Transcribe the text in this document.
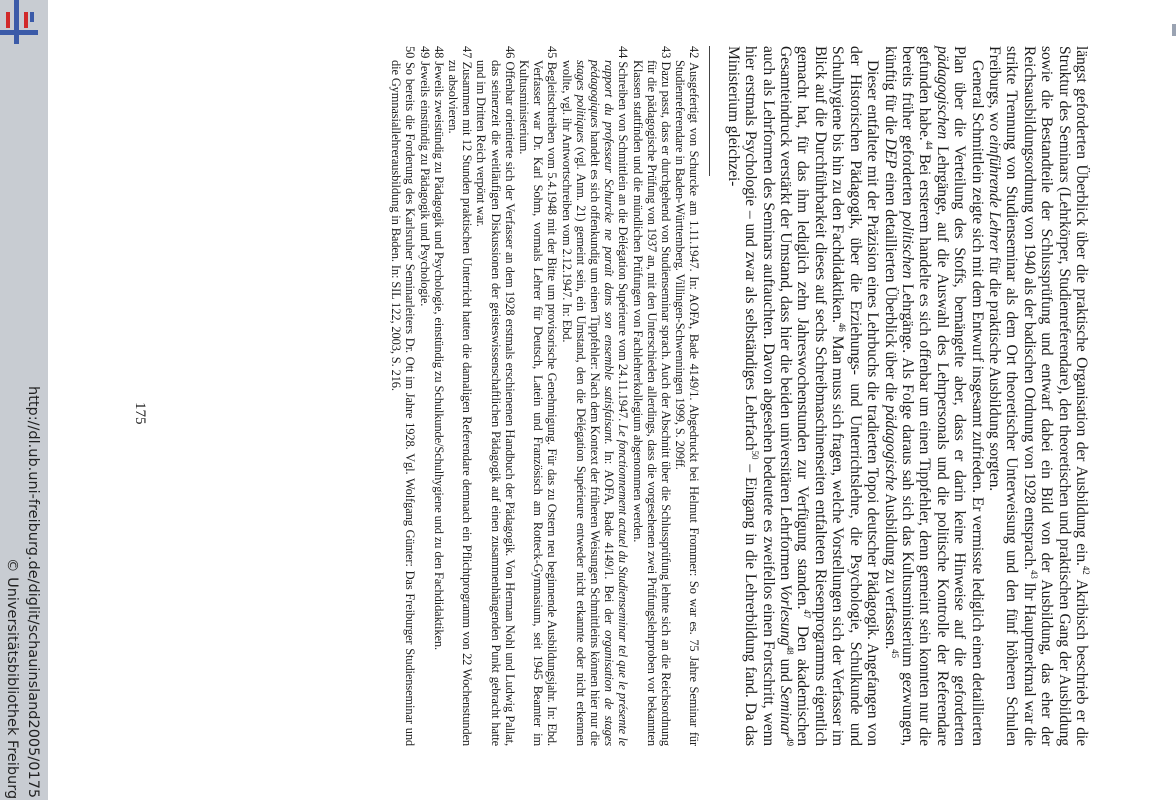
längst geforderten Überblick über die praktische Organisation der Ausbildung ein.$^{42}$ Akribisch beschrieb er die Struktur des Seminars (Lehrkörper, Studienreferendare), den theoretischen und praktischen Gang der Ausbildung sowie die Bestandteile der Schlussprüfung und entwarf dabei ein Bild von der Ausbildung, das eher der Reichsausbildungsordnung von 1940 als der badischen Ordnung von 1928 entsprach.$^{43}$ Ihr Hauptmerkmal war die strikte Trennung von Studienseminar als dem Ort theoretischer Unterweisung und den fünf höheren Schulen Freiburgs, wo einführende Lehrer für die praktische Ausbildung sorgten.

General Schmittlein zeigte sich mit dem Entwurf insgesamt zufrieden. Er vermisste lediglich einen detaillierten Plan über die Verteilung des Stoffs, bemängelte aber, dass er darin keine Hinweise auf die geforderten pädagogischen Lehrgänge, auf die Auswahl des Lehrpersonals und die politische Kontrolle der Referendare gefunden habe.$^{44}$ Bei ersterem handelte es sich offenbar um einen Tippfehler, denn gemeint sein konnten nur die bereits früher geforderten politischen Lehrgänge. Als Folge daraus sah sich das Kultusministerium gezwungen, künftig für die DEP einen detaillierten Überblick über die pädagogische Ausbildung zu verfassen.$^{45}$

Dieser entfaltete mit der Präzision eines Lehrbuchs die tradierten Topoi deutscher Pädagogik. Angefangen von der Historischen Pädagogik, über die Erziehungs- und Unterrichtslehre, die Psychologie, Schulkunde und Schulhygiene bis hin zu den Fachdidaktiken.$^{46}$ Man muss sich fragen, welche Vorstellungen sich der Verfasser im Blick auf die Durchführbarkeit dieses auf sechs Schreibmaschinenseiten entfalteten Riesenprogramms eigentlich gemacht hat, für das ihm lediglich zehn Jahreswochenstunden zur Verfügung standen.$^{47}$ Den akademischen Gesamteindruck verstärkt der Umstand, dass hier die beiden universitären Lehrformen Vorlesung$^{48}$ und Seminar$^{49}$ auch als Lehrformen des Seminars auftauchten. Davon abgesehen bedeutete es zweifellos einen Fortschritt, wenn hier erstmals Psychologie – und zwar als selbständiges Lehrfach$^{50}$ – Eingang in die Lehrerbildung fand. Da das Ministerium gleichzei-

42 Ausgefertigt von Schurcke am 1.11.1947. In: AOFA, Bade 4149/1. Abgedruckt bei Helmut Frommer: So war es. 75 Jahre Seminar für Studienreferendare in Baden-Württemberg. Villingen-Schwenningen 1999, S. 209ff.

43 Dazu passt, dass er durchgehend von Studienseminar sprach. Auch der Abschnitt über die Schlussprüfung lehnte sich an die Reichsordnung für die pädagogische Prüfung von 1937 an, mit den Unterschieden allerdings, dass die vorgesehenen zwei Prüfungslehrproben vor bekannten Klassen stattfinden und die mündlichen Prüfungen von Fachlehrerkollegium abgenommen werden.

44 Schreiben von Schmittlein an die Délégation Supérieure vom 24.11.1947. Le fonctionnement actuel du Studienseminar tel que le présente le rapport du professeur Schurcke ne paraît dans son ensemble satisfaisant. In: AOFA, Bade 4149/1. Bei der organisation de stages pédagogiques handelt es sich offenkundig um einen Tippfehler: Nach dem Kontext der früheren Weisungen Schmittleins können hier nur die stages politiques (vgl. Anm. 21) gemeint sein, ein Umstand, den die Délégation Supérieure entweder nicht erkannte oder nicht erkennen wollte, vgl. ihr Antwortschreiben vom 2.12.1947. In: Ebd.

45 Begleitschreiben vom 5.4.1948 mit der Bitte um provisorische Genehmigung. Für das zu Ostern neu beginnende Ausbildungsjahr. In: Ebd. Verfasser war Dr. Karl Sohm, vormals Lehrer für Deutsch, Latein und Französisch am Rotteck-Gymnasium, seit 1945 Beamter im Kultusministerium.

46 Offenbar orientierte sich der Verfasser an dem 1928 erstmals erschienenen Handbuch der Pädagogik. Von Herman Nohl und Ludwig Pallat, das seinerzeit die weitläufigen Diskussionen der geisteswissenschaftlichen Pädagogik auf einen zusammenhängenden Punkt gebracht hatte und im Dritten Reich verpönt war.

47 Zusammen mit 12 Stunden praktischen Unterricht hatten die damaligen Referendare demnach ein Pflichtprogramm von 22 Wochenstunden zu absolvieren.

48 Jeweils zweistündig zu Pädagogik und Psychologie, einstündig zu Schulkunde/Schulhygiene und zu den Fachdidaktiken.

49 Jeweils einstündig zu Pädagogik und Psychologie.

50 So bereits die Forderung des Karlsruher Seminarleiters Dr. Ott im Jahre 1928. Vgl. Wolfgang Günter: Das Freiburger Studienseminar und die Gymnasiallehrerausbildung in Baden. In: SIL 122, 2003, S. 216.

175
http://dl.ub.uni-freiburg.de/diglit/schauinsland2005/0175
© Universitätsbibliothek Freiburg
